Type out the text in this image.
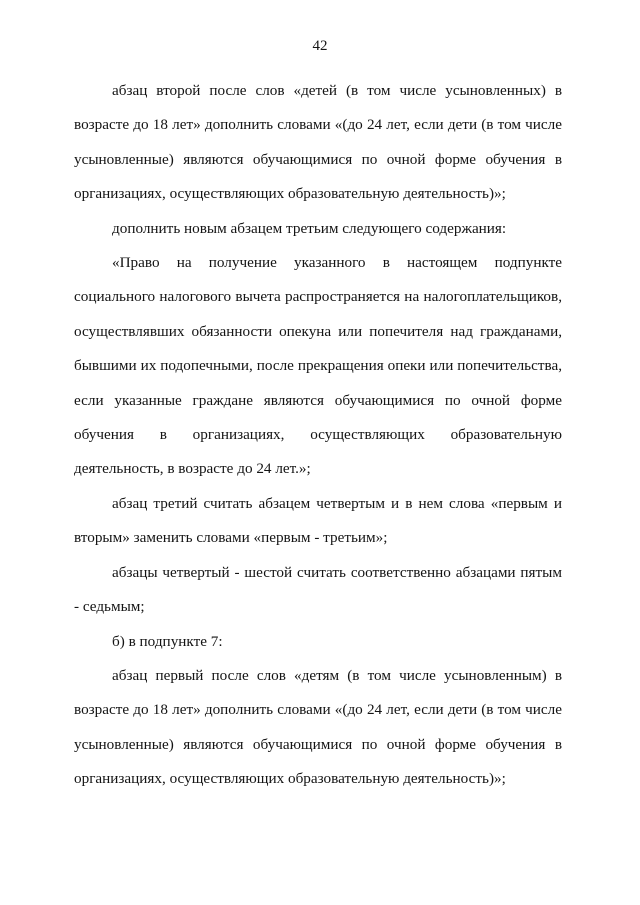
42

абзац второй после слов «детей (в том числе усыновленных) в возрасте до 18 лет» дополнить словами «(до 24 лет, если дети (в том числе усыновленные) являются обучающимися по очной форме обучения в организациях, осуществляющих образовательную деятельность)»;

дополнить новым абзацем третьим следующего содержания:

«Право на получение указанного в настоящем подпункте социального налогового вычета распространяется на налогоплательщиков, осуществлявших обязанности опекуна или попечителя над гражданами, бывшими их подопечными, после прекращения опеки или попечительства, если указанные граждане являются обучающимися по очной форме обучения в организациях, осуществляющих образовательную деятельность, в возрасте до 24 лет.»;

абзац третий считать абзацем четвертым и в нем слова «первым и вторым» заменить словами «первым - третьим»;

абзацы четвертый - шестой считать соответственно абзацами пятым - седьмым;

б) в подпункте 7:

абзац первый после слов «детям (в том числе усыновленным) в возрасте до 18 лет» дополнить словами «(до 24 лет, если дети (в том числе усыновленные) являются обучающимися по очной форме обучения в организациях, осуществляющих образовательную деятельность)»;
